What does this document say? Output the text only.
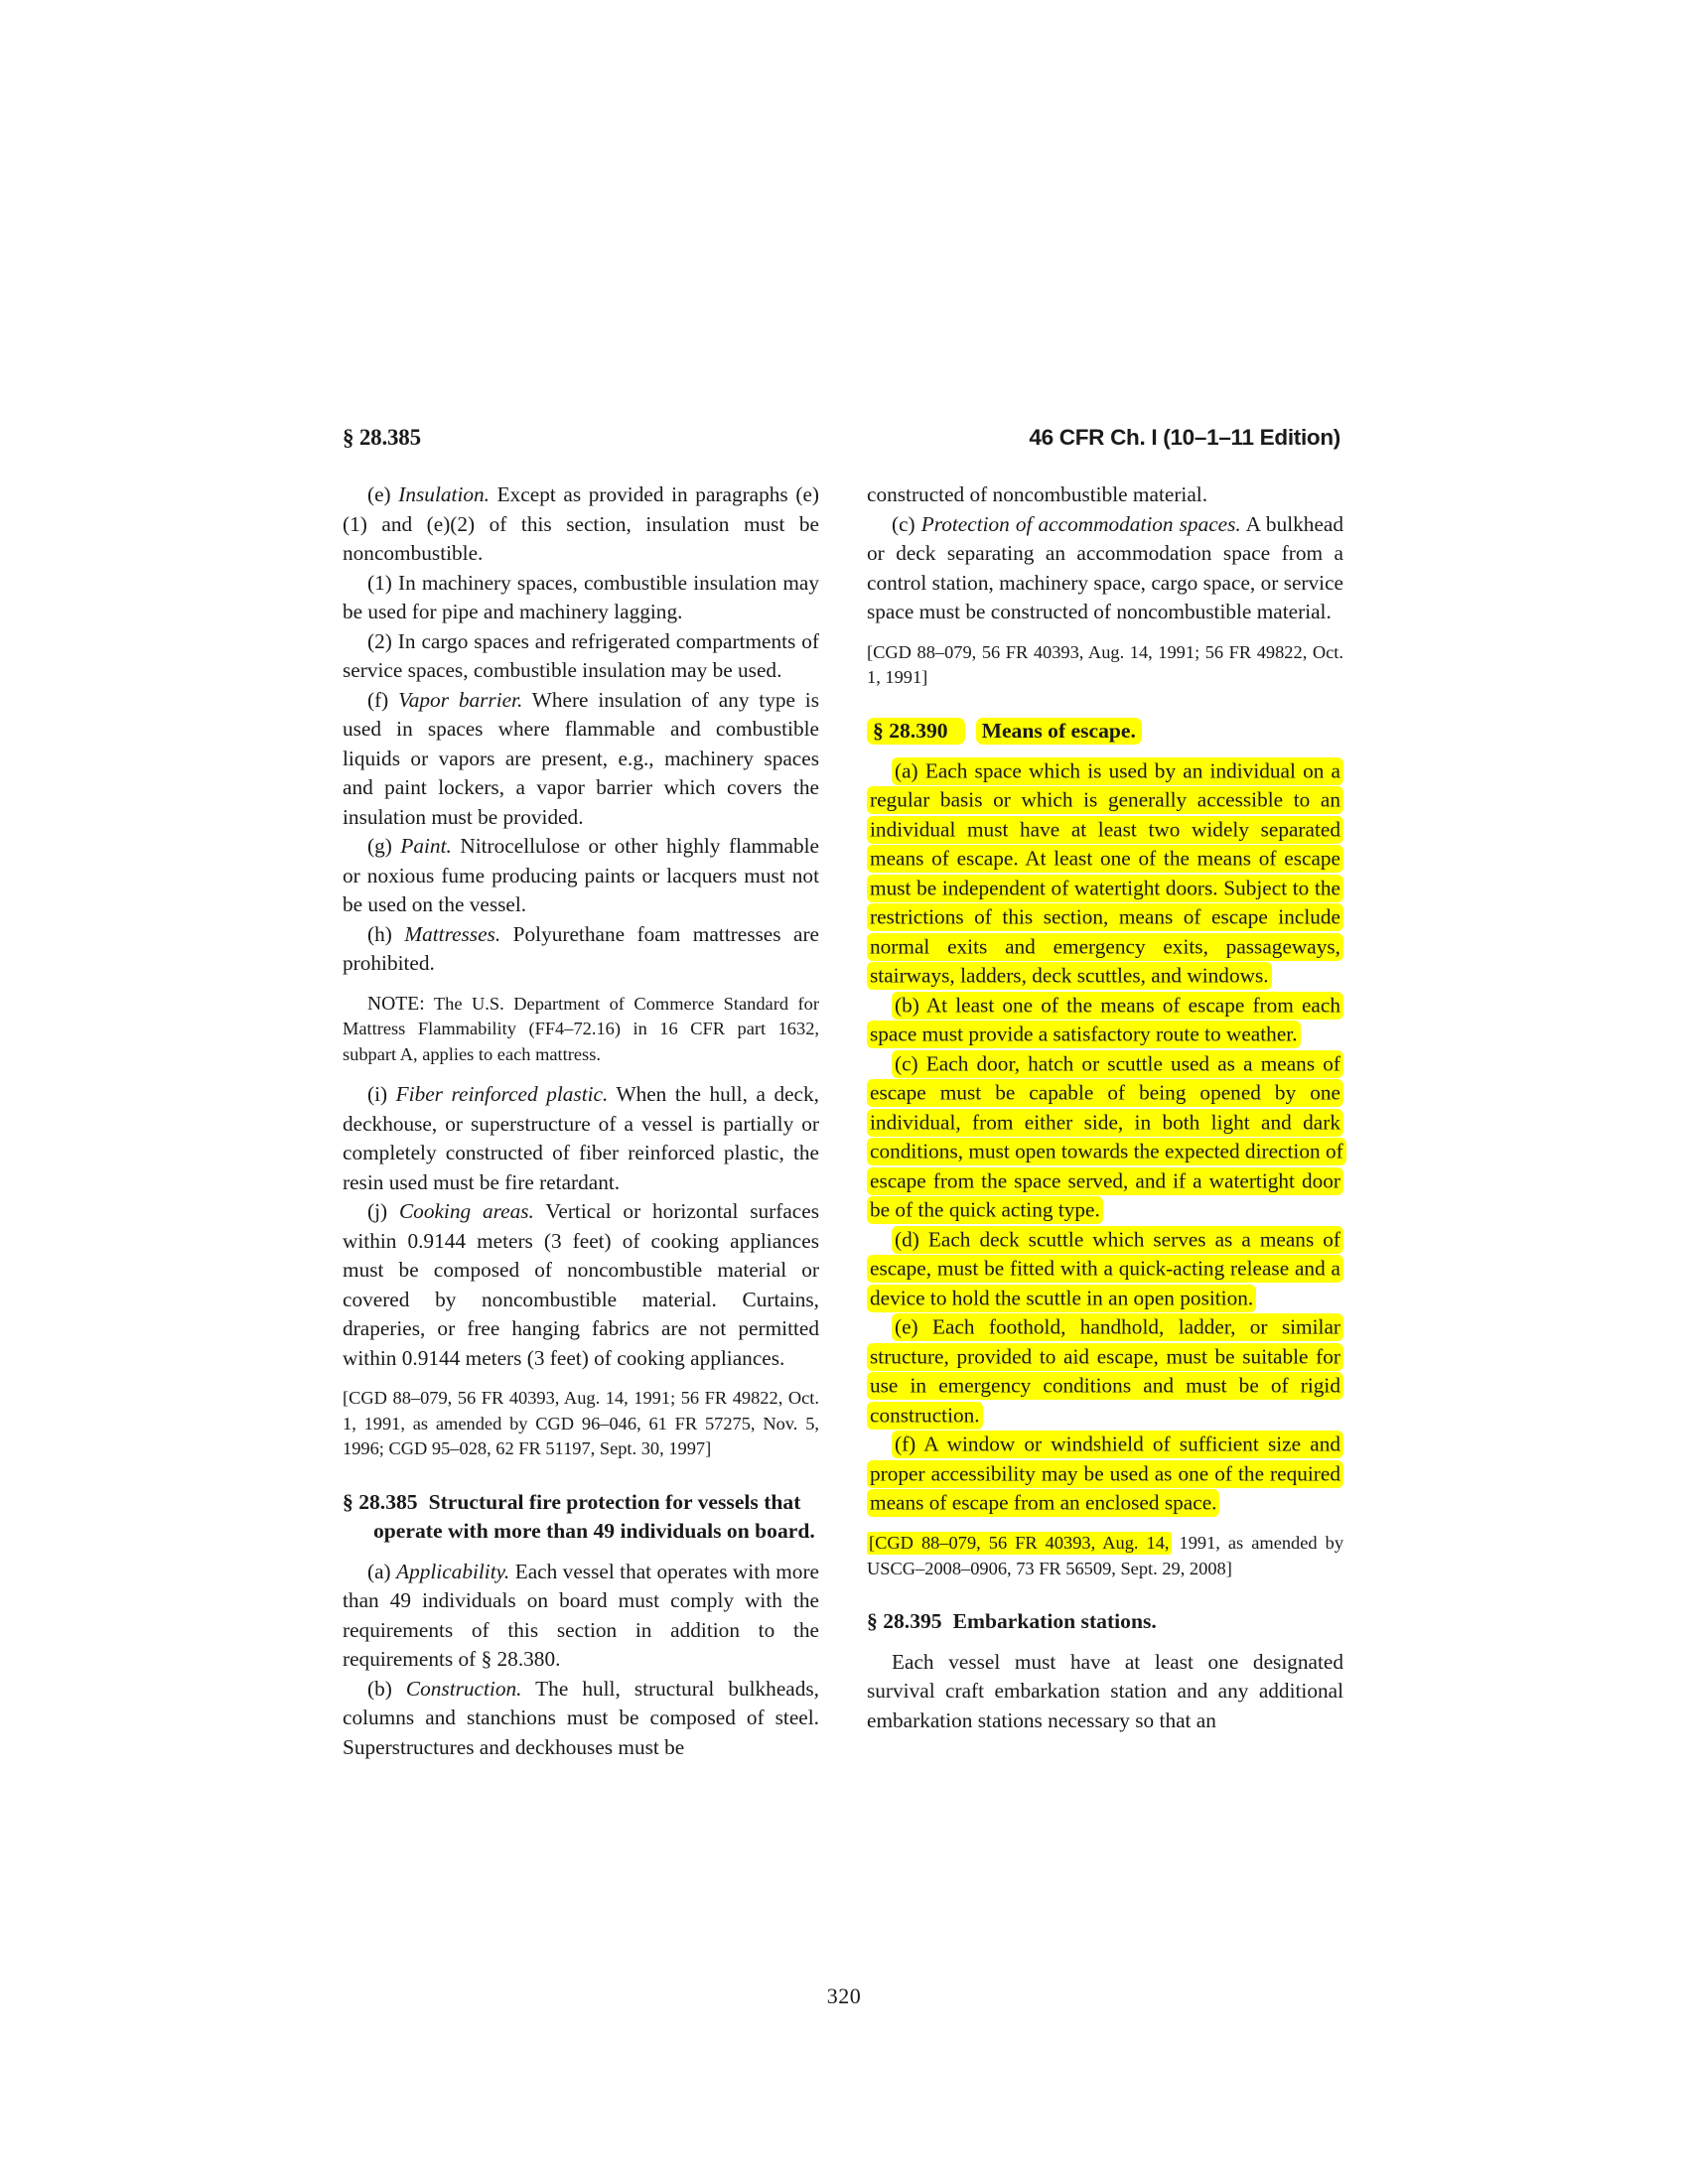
§ 28.385	46 CFR Ch. I (10–1–11 Edition)

(e) Insulation. Except as provided in paragraphs (e)(1) and (e)(2) of this section, insulation must be noncombustible.

(1) In machinery spaces, combustible insulation may be used for pipe and machinery lagging.

(2) In cargo spaces and refrigerated compartments of service spaces, combustible insulation may be used.

(f) Vapor barrier. Where insulation of any type is used in spaces where flammable and combustible liquids or vapors are present, e.g., machinery spaces and paint lockers, a vapor barrier which covers the insulation must be provided.

(g) Paint. Nitrocellulose or other highly flammable or noxious fume producing paints or lacquers must not be used on the vessel.

(h) Mattresses. Polyurethane foam mattresses are prohibited.

NOTE: The U.S. Department of Commerce Standard for Mattress Flammability (FF4–72.16) in 16 CFR part 1632, subpart A, applies to each mattress.

(i) Fiber reinforced plastic. When the hull, a deck, deckhouse, or superstructure of a vessel is partially or completely constructed of fiber reinforced plastic, the resin used must be fire retardant.

(j) Cooking areas. Vertical or horizontal surfaces within 0.9144 meters (3 feet) of cooking appliances must be composed of noncombustible material or covered by noncombustible material. Curtains, draperies, or free hanging fabrics are not permitted within 0.9144 meters (3 feet) of cooking appliances.

[CGD 88–079, 56 FR 40393, Aug. 14, 1991; 56 FR 49822, Oct. 1, 1991, as amended by CGD 96–046, 61 FR 57275, Nov. 5, 1996; CGD 95–028, 62 FR 51197, Sept. 30, 1997]

§ 28.385 Structural fire protection for vessels that operate with more than 49 individuals on board.

(a) Applicability. Each vessel that operates with more than 49 individuals on board must comply with the requirements of this section in addition to the requirements of § 28.380.

(b) Construction. The hull, structural bulkheads, columns and stanchions must be composed of steel. Superstructures and deckhouses must be

constructed of noncombustible material.

(c) Protection of accommodation spaces. A bulkhead or deck separating an accommodation space from a control station, machinery space, cargo space, or service space must be constructed of noncombustible material.

[CGD 88–079, 56 FR 40393, Aug. 14, 1991; 56 FR 49822, Oct. 1, 1991]

§ 28.390 Means of escape.

(a) Each space which is used by an individual on a regular basis or which is generally accessible to an individual must have at least two widely separated means of escape. At least one of the means of escape must be independent of watertight doors. Subject to the restrictions of this section, means of escape include normal exits and emergency exits, passageways, stairways, ladders, deck scuttles, and windows.

(b) At least one of the means of escape from each space must provide a satisfactory route to weather.

(c) Each door, hatch or scuttle used as a means of escape must be capable of being opened by one individual, from either side, in both light and dark conditions, must open towards the expected direction of escape from the space served, and if a watertight door be of the quick acting type.

(d) Each deck scuttle which serves as a means of escape, must be fitted with a quick-acting release and a device to hold the scuttle in an open position.

(e) Each foothold, handhold, ladder, or similar structure, provided to aid escape, must be suitable for use in emergency conditions and must be of rigid construction.

(f) A window or windshield of sufficient size and proper accessibility may be used as one of the required means of escape from an enclosed space.

[CGD 88–079, 56 FR 40393, Aug. 14, 1991, as amended by USCG–2008–0906, 73 FR 56509, Sept. 29, 2008]

§ 28.395 Embarkation stations.

Each vessel must have at least one designated survival craft embarkation station and any additional embarkation stations necessary so that an

320
